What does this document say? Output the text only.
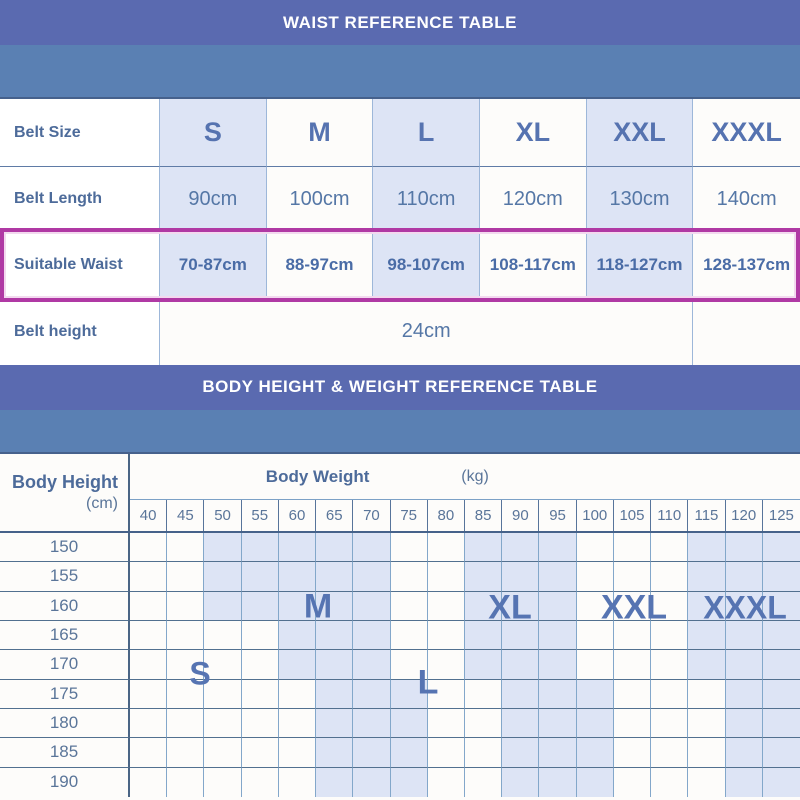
WAIST REFERENCE TABLE
Belt Size	S	M	L	XL	XXL	XXXL
Belt Length	90cm	100cm	110cm	120cm	130cm	140cm
Suitable Waist	70-87cm	88-97cm	98-107cm	108-117cm	118-127cm	128-137cm
Belt height	24cm
BODY HEIGHT & WEIGHT REFERENCE TABLE
Body Height
(cm)
Body Weight	(kg)
40	45	50	55	60	65	70	75	80	85	90	95	100 105 110 115 120 125
150
155
160
165
170
175
180
185
190
S
M
L
XL XXL XXXL
